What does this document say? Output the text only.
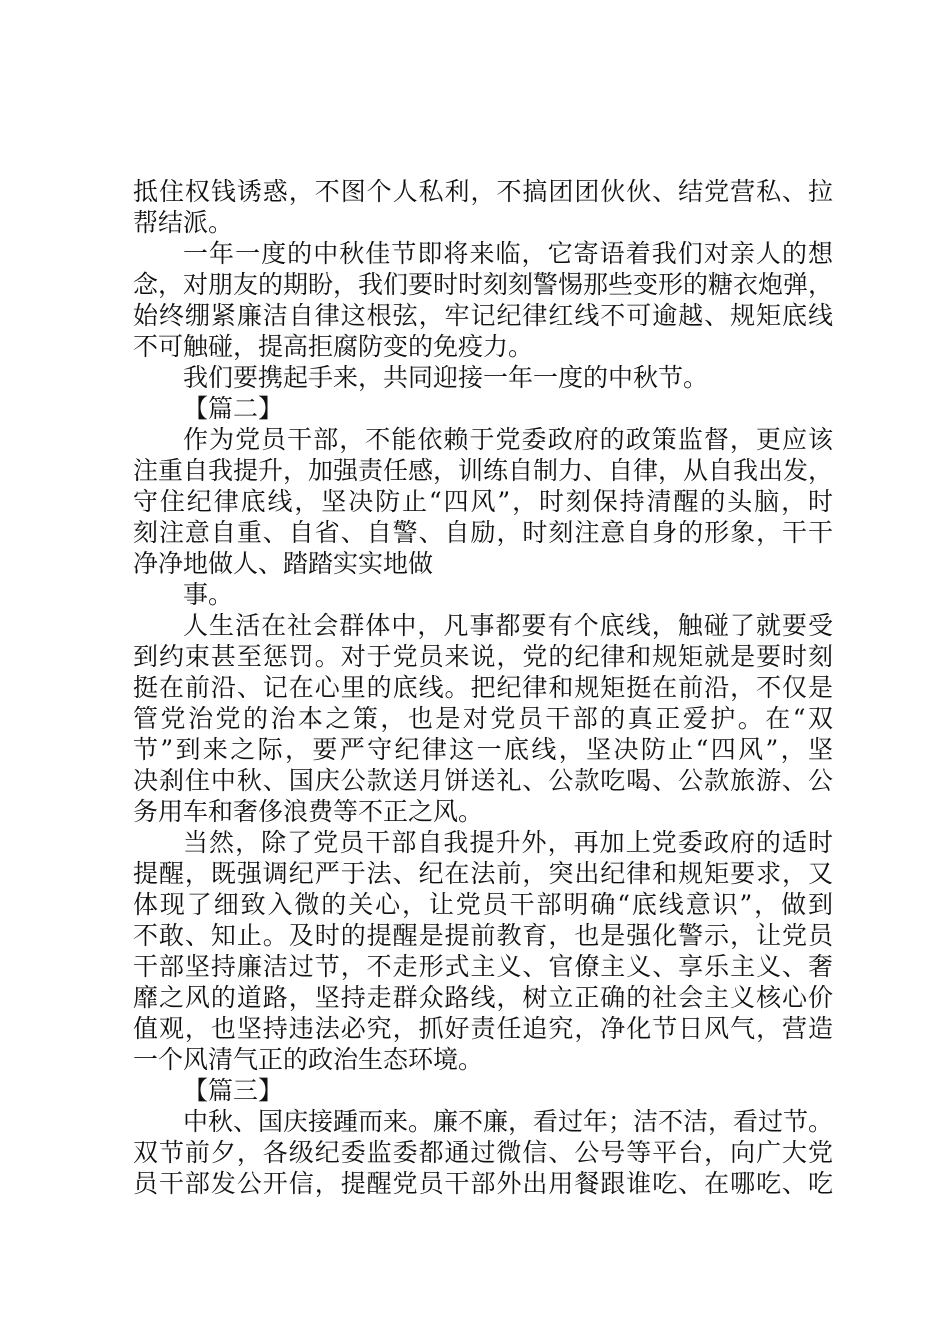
抵住权钱诱惑，不图个人私利，不搞团团伙伙、结党营私、拉
帮结派。
一年一度的中秋佳节即将来临，它寄语着我们对亲人的想
念，对朋友的期盼，我们要时时刻刻警惕那些变形的糖衣炮弹，
始终绷紧廉洁自律这根弦，牢记纪律红线不可逾越、规矩底线
不可触碰，提高拒腐防变的免疫力。
我们要携起手来，共同迎接一年一度的中秋节。
【篇二】
作为党员干部，不能依赖于党委政府的政策监督，更应该
注重自我提升，加强责任感，训练自制力、自律，从自我出发，
守住纪律底线，坚决防止“四风”，时刻保持清醒的头脑，时
刻注意自重、自省、自警、自励，时刻注意自身的形象，干干
净净地做人、踏踏实实地做
事。
人生活在社会群体中，凡事都要有个底线，触碰了就要受
到约束甚至惩罚。对于党员来说，党的纪律和规矩就是要时刻
挺在前沿、记在心里的底线。把纪律和规矩挺在前沿，不仅是
管党治党的治本之策，也是对党员干部的真正爱护。在“双
节”到来之际，要严守纪律这一底线，坚决防止“四风”，坚
决刹住中秋、国庆公款送月饼送礼、公款吃喝、公款旅游、公
务用车和奢侈浪费等不正之风。
当然，除了党员干部自我提升外，再加上党委政府的适时
提醒，既强调纪严于法、纪在法前，突出纪律和规矩要求，又
体现了细致入微的关心，让党员干部明确“底线意识”，做到
不敢、知止。及时的提醒是提前教育，也是强化警示，让党员
干部坚持廉洁过节，不走形式主义、官僚主义、享乐主义、奢
靡之风的道路，坚持走群众路线，树立正确的社会主义核心价
值观，也坚持违法必究，抓好责任追究，净化节日风气，营造
一个风清气正的政治生态环境。
【篇三】
中秋、国庆接踵而来。廉不廉，看过年；洁不洁，看过节。
双节前夕，各级纪委监委都通过微信、公号等平台，向广大党
员干部发公开信，提醒党员干部外出用餐跟谁吃、在哪吃、吃
